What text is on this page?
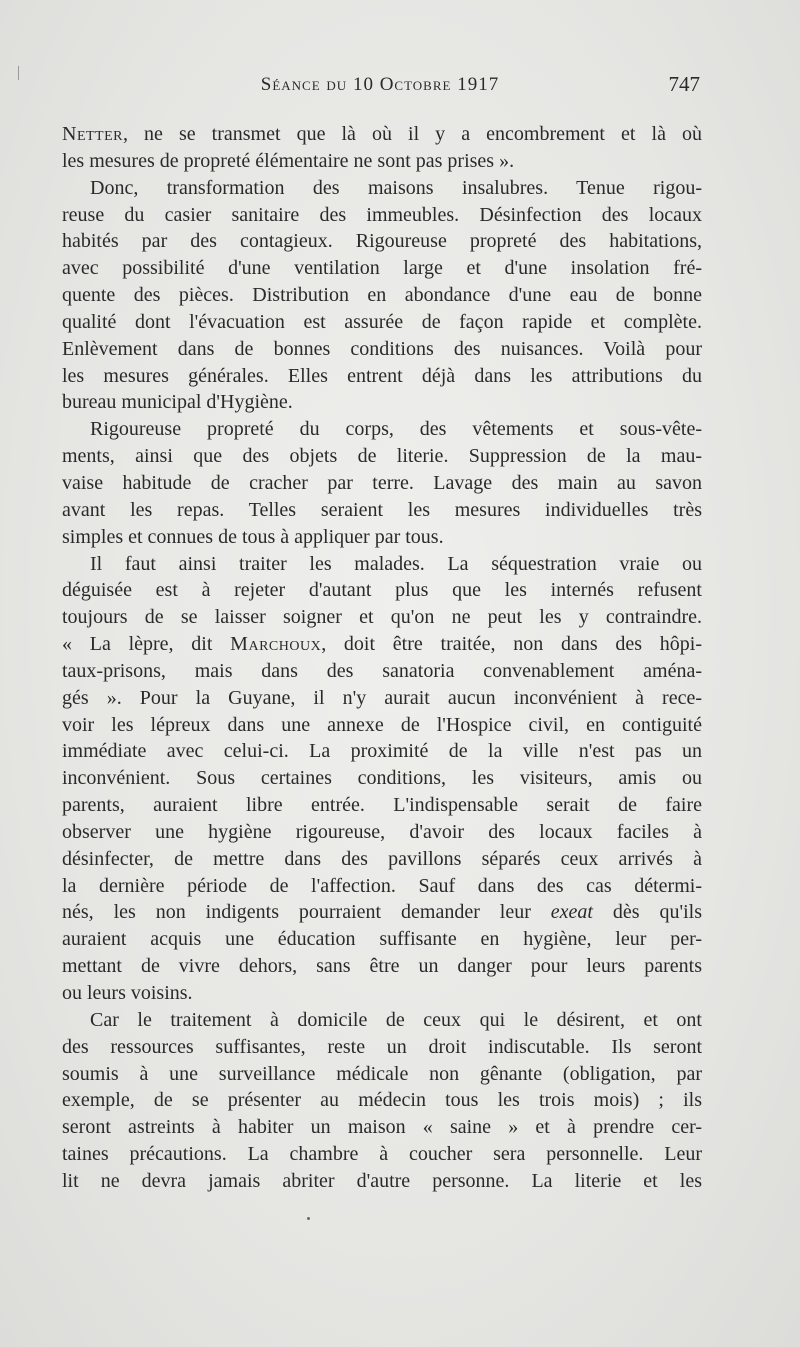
Séance du 10 Octobre 1917	747
Netter, ne se transmet que là où il y a encombrement et là où
les mesures de propreté élémentaire ne sont pas prises ».
Donc, transformation des maisons insalubres. Tenue rigou-
reuse du casier sanitaire des immeubles. Désinfection des locaux
habités par des contagieux. Rigoureuse propreté des habitations,
avec possibilité d'une ventilation large et d'une insolation fré-
quente des pièces. Distribution en abondance d'une eau de bonne
qualité dont l'évacuation est assurée de façon rapide et complète.
Enlèvement dans de bonnes conditions des nuisances. Voilà pour
les mesures générales. Elles entrent déjà dans les attributions du
bureau municipal d'Hygiène.
Rigoureuse propreté du corps, des vêtements et sous-vête-
ments, ainsi que des objets de literie. Suppression de la mau-
vaise habitude de cracher par terre. Lavage des main au savon
avant les repas. Telles seraient les mesures individuelles très
simples et connues de tous à appliquer par tous.
Il faut ainsi traiter les malades. La séquestration vraie ou
déguisée est à rejeter d'autant plus que les internés refusent
toujours de se laisser soigner et qu'on ne peut les y contraindre.
« La lèpre, dit Marchoux, doit être traitée, non dans des hôpi-
taux-prisons, mais dans des sanatoria convenablement aména-
gés ». Pour la Guyane, il n'y aurait aucun inconvénient à rece-
voir les lépreux dans une annexe de l'Hospice civil, en contiguité
immédiate avec celui-ci. La proximité de la ville n'est pas un
inconvénient. Sous certaines conditions, les visiteurs, amis ou
parents, auraient libre entrée. L'indispensable serait de faire
observer une hygiène rigoureuse, d'avoir des locaux faciles à
désinfecter, de mettre dans des pavillons séparés ceux arrivés à
la dernière période de l'affection. Sauf dans des cas détermi-
nés, les non indigents pourraient demander leur exeat dès qu'ils
auraient acquis une éducation suffisante en hygiène, leur per-
mettant de vivre dehors, sans être un danger pour leurs parents
ou leurs voisins.
Car le traitement à domicile de ceux qui le désirent, et ont
des ressources suffisantes, reste un droit indiscutable. Ils seront
soumis à une surveillance médicale non gênante (obligation, par
exemple, de se présenter au médecin tous les trois mois) ; ils
seront astreints à habiter un maison « saine » et à prendre cer-
taines précautions. La chambre à coucher sera personnelle. Leur
lit ne devra jamais abriter d'autre personne. La literie et les
